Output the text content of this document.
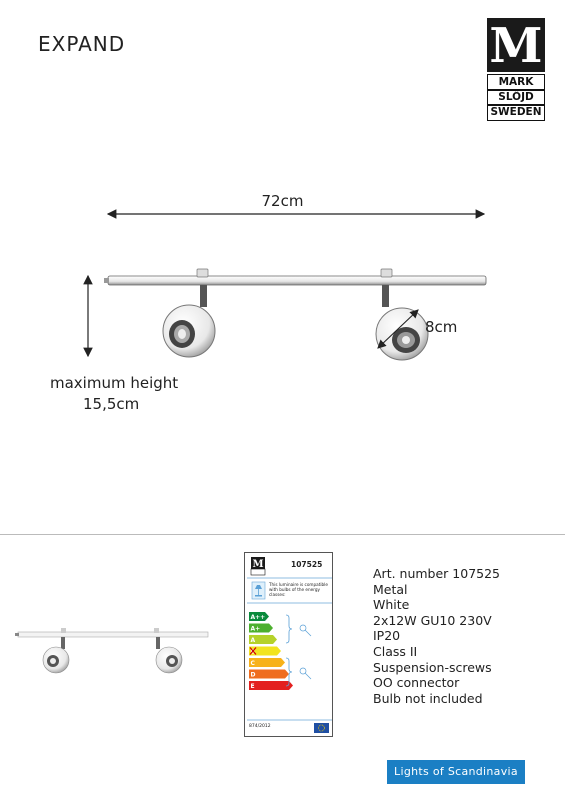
EXPAND	M
MARK
SLÖJD
SWEDEN
72cm
maximum height
15,5cm
8cm
M
A++
A+
A
C
D
E
107525
This luminaire is compatible with bulbs of the energy classes:
874/2012
Art. number 107525
Metal
White
2x12W GU10 230V
IP20
Class II
Suspension-screws
OO connector
Bulb not included
Lights of Scandinavia
